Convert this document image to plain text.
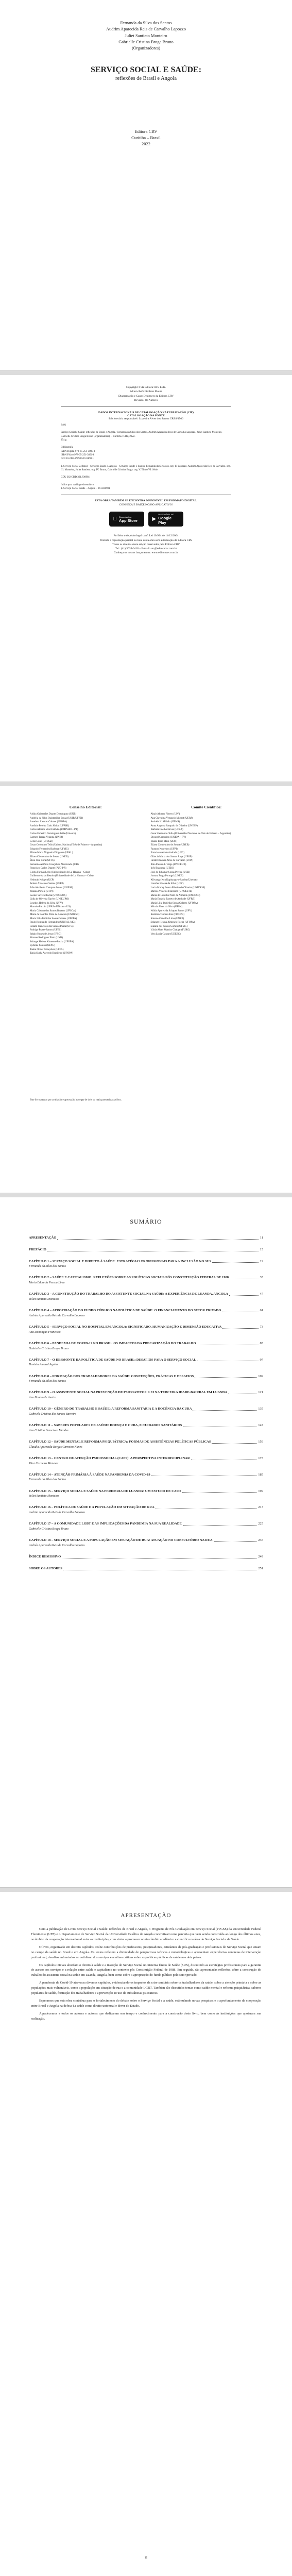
Fernanda da Silva dos Santos
Audrim Aparecida Reis de Carvalho Lapozzo
Juliet Santieto Monteiro
Gabrielle Cristina Braga Bruno
(Organizadores)
SERVIÇO SOCIAL E SAÚDE:
reflexões de Brasil e Angola
Editora CRV
Curitiba – Brasil
2022
Copyright © da Editora CRV Ltda.
Editor-chefe: Railson Moura
Diagramação e Capa: Designers da Editora CRV
Revisão: Os Autores
DADOS INTERNACIONAIS DE CATALOGAÇÃO NA PUBLICAÇÃO (CIP)
CATALOGAÇÃO NA FONTE
Bibliotecária responsável: Luzenira Alves dos Santos CRB9/1506
S491

Serviço Social e Saúde: reflexões de Brasil e Angola / Fernanda da Silva dos Santos, Audrim Aparecida Reis de Carvalho Lapozzo, Juliet Santieto Monteiro, Gabrielle Cristina Braga Bruno (organizadoras). – Curitiba : CRV, 2022.
254 p.

Bibliografia
ISBN Digital 978-65-251-3890-1
ISBN Físico 978-65-251-3891-8
DOI 10.24824/978652513890.1

1. Serviço Social 2. Brasil – Serviços Saúde 3. Angola – Serviços Saúde I. Santos, Fernanda da Silva dos. org. II. Lapozzo, Audrim Aparecida Reis de Carvalho. org. III. Monteiro, Juliet Santieto. org. IV. Bruno, Gabrielle Cristina Braga. org. V. Título VI. Série.

CDU 362 CDD 361.830981

Índice para catálogo sistemático
1. Serviço Social Saúde – Angola – 361.830981
ESTA OBRA TAMBÉM SE ENCONTRA DISPONÍVEL EM FORMATO DIGITAL.
CONHEÇA E BAIXE NOSSO APLICATIVO!
Disponível na
App Store	▶
DISPONÍVEL NO
Google Play
Foi feito o depósito legal conf. Lei 10.994 de 14/12/2004
Proibida a reprodução parcial ou total desta obra sem autorização da Editora CRV
Todos os direitos desta edição reservados pela Editora CRV
Tel.: (41) 3039-6418 – E-mail: sac@editoracrv.com.br
Conheça os nossos lançamentos: www.editoracrv.com.br
Conselho Editorial:

Aldira Guimarães Duarte Domínguez (UNB)
Andréia da Silva Quintanilha Sousa (UNIR/UFRN)
Anselmo Alencar Colares (UFOPA)
Antônio Pereira Gaio Júnior (UFRRJ)
Carlos Alberto Vilar Estêvão (UMINHO – PT)
Carlos Federico Dominguez Avila (Unieuro)
Carmen Tereza Velanga (UNIR)
Celso Conti (UFSCar)
Cesar Gerónimo Tello (Univer. Nacional Três de Febrero – Argentina)
Eduardo Fernandes Barbosa (UFMG)
Elione Maria Nogueira Diogenes (UFAL)
Elizeu Clementino de Souza (UNEB)
Élsio José Corá (UFFS)
Fernando Antônio Gonçalves Alcoforado (IPB)
Francisco Carlos Duarte (PUC-PR)
Gloria Fariñas León (Universidade de La Havana – Cuba)
Guillermo Arias Beatón (Universidade de La Havana – Cuba)
Helmuth Krüger (UCP)
Jailson Alves dos Santos (UFRJ)
João Adalberto Campato Junior (UNESP)
Josania Portela (UFPI)
Leonel Severo Rocha (UNISINOS)
Lídia de Oliveira Xavier (UNIEURO)
Lourdes Helena da Silva (UFV)
Marcelo Paixão (UFRJ e UTexas – US)
Maria Cristina dos Santos Bezerra (UFSCar)
Maria de Lourdes Pinto de Almeida (UNOESC)
Maria Lília Imbiriba Sousa Colares (UFOPA)
Paulo Romualdo Hernandes (UNIFAL-MG)
Renato Francisco dos Santos Paula (UFG)
Rodrigo Pratte-Santos (UFES)
Sérgio Nunes de Jesus (IFRO)
Simone Rodrigues Pinto (UNB)
Solange Helena Ximenes-Rocha (UFOPA)
Sydione Santos (UEPG)
Tadeu Oliver Gonçalves (UFPA)
Tania Suely Azevedo Brasileiro (UFOPA)

Comitê Científico:

Altair Alberto Fávero (UPF)
Ana Chrystina Venancio Mignot (UERJ)
Andréia N. Militão (UEMS)
Anna Augusta Sampaio de Oliveira (UNESP)
Barbara Coelho Neves (UFBA)
Cesar Gerónimo Tello (Universidad Nacional de Três de Febrero – Argentina)
Diosnel Centurion (UNIDA – PY)
Eliane Rose Maio (UEM)
Elizeu Clementino de Souza (UNEB)
Fauston Negreiros (UFPI)
Francisco Ari de Andrade (UFC)
Gláucia Maria dos Santos Jorge (UFOP)
Helder Buenos Aires de Carvalho (UFPI)
Ilma Passos A. Veiga (UNICEUB)
Inês Bragança (UERJ)
José de Ribamar Sousa Pereira (UCB)
Jussara Fraga Portugal (UNEB)
Kilwangy Kya Kapitango-a-Samba (Unemat)
Lourdes Helena da Silva (UFV)
Lucia Marisy Souza Ribeiro de Oliveira (UNIVASF)
Marcos Vinicius Francisco (UNOESTE)
Maria de Lourdes Pinto de Almeida (UNOESC)
Maria Eurácia Barreto de Andrade (UFRB)
Maria Lília Imbiriba Sousa Colares (UFOPA)
Márcia Alves da Silva (UFPel)
Núbia Aparecida Schaper Santos (UFV)
Romilda Teodora Ens (PUC-PR)
Simone Carvalho Lima (UNEB)
Solange Helena Ximenes-Rocha (UFOPA)
Suzana dos Santos Gomes (UFMG)
Vânia Alves Martins Chaigar (FURG)
Vera Lucia Gaspar (UDESC)

Este livro passou por avaliação e aprovação às cegas de dois ou mais pareceristas ad hoc.
SUMÁRIO
APRESENTAÇÃO	11
PREFÁCIO	15
CAPÍTULO 1 – SERVIÇO SOCIAL E DIREITO À SAÚDE: ESTRATÉGIAS PROFISSIONAIS PARA A INCLUSÃO NO SUS	19
Fernanda da Silva dos Santos
CAPÍTULO 2 – SAÚDE E CAPITALISMO: REFLEXÕES SOBRE AS POLÍTICAS SOCIAIS PÓS CONSTITUIÇÃO FEDERAL DE 1988	35
Maria Eduarda Pessoa Lima
CAPÍTULO 3 – A CONSTRUÇÃO DO TRABALHO DO ASSISTENTE SOCIAL NA SAÚDE: A EXPERIÊNCIA DE LUANDA, ANGOLA	47
Juliet Santieto Monteiro
CAPÍTULO 4 – APROPRIAÇÃO DO FUNDO PÚBLICO NA POLÍTICA DE SAÚDE: O FINANCIAMENTO DO SETOR PRIVADO	61
Andréa Aparecida Reis de Carvalho Lapozzo
CAPÍTULO 5 – SERVIÇO SOCIAL NO HOSPITAL EM ANGOLA: SIGNIFICADO, HUMANIZAÇÃO E DIMENSÃO EDUCATIVA	73
Ana Domingas Francisco
CAPÍTULO 6 – PANDEMIA DE COVID-19 NO BRASIL: OS IMPACTOS DA PRECARIZAÇÃO DO TRABALHO	85
Gabrielle Cristina Braga Bruno
CAPÍTULO 7 – O DESMONTE DA POLÍTICA DE SAÚDE NO BRASIL: DESAFIOS PARA O SERVIÇO SOCIAL	97
Daniela Amaral Aguiar
CAPÍTULO 8 – FORMAÇÃO DOS TRABALHADORES DA SAÚDE: CONCEPÇÕES, PRÁTICAS E DESAFIOS	109
Fernanda da Silva dos Santos
CAPÍTULO 9 – O ASSISTENTE SOCIAL NA PREVENÇÃO DE PSICOATIVOS: LEI NA TERCEIRA IDADE-BAIRRAL EM LUANDA	121
Ana Nambuele Ausiro
CAPÍTULO 10 – GÊNERO DO TRABALHO E SAÚDE: A REFORMA SANITÁRIA E A DOCÊNCIA DA CURA	135
Gabriela Cristina dos Santos Barreiro
CAPÍTULO 11 – SABERES POPULARES DE SAÚDE: DOENÇA E CURA, E CUIDADOS SANITÁRIOS	147
Ana Cristina Francisco Mendes
CAPÍTULO 12 – SAÚDE MENTAL E REFORMA PSIQUIÁTRICA: FORMAS DE ASSISTÊNCIAS POLÍTICAS PÚBLICAS	159
Claudia Aparecida Borges Carneiro Nunes
CAPÍTULO 13 – CENTRO DE ATENÇÃO PSICOSSOCIAL (CAPS): A PERSPECTIVA INTERDISCIPLINAR	173
Vitor Carneiro Meneses
CAPÍTULO 14 – ATENÇÃO PRIMÁRIA À SAÚDE NA PANDEMIA DA COVID-19	185
Fernanda da Silva dos Santos
CAPÍTULO 15 – SERVIÇO SOCIAL E SAÚDE NA PERIFERIA DE LUANDA: UM ESTUDO DE CASO	199
Juliet Santieto Monteiro
CAPÍTULO 16 – POLÍTICA DE SAÚDE E A POPULAÇÃO EM SITUAÇÃO DE RUA	213
Audrim Aparecida Reis de Carvalho Lapozzo
CAPÍTULO 17 – A COMUNIDADE LGBT E AS IMPLICAÇÕES DA PANDEMIA NA SUA REALIDADE	225
Gabrielle Cristina Braga Bruno
CAPÍTULO 18 – SERVIÇO SOCIAL E A POPULAÇÃO EM SITUAÇÃO DE RUA: ATUAÇÃO NO CONSULTÓRIO NA RUA	237
Andréa Aparecida Reis de Carvalho Lapozzo
ÍNDICE REMISSIVO	249
SOBRE OS AUTORES	251
APRESENTAÇÃO

Com a publicação de Livro Serviço Social e Saúde: reflexões de Brasil e Angola, o Programa de Pós-Graduação em Serviço Social (PPGSS) da Universidade Federal Fluminense (UFF) e o Departamento de Serviço Social da Universidade Católica de Angola concretizam uma parceria que vem sendo construída ao longo dos últimos anos, no âmbito da cooperação internacional entre as instituições, com vistas a promover o intercâmbio acadêmico e científico na área do Serviço Social e da Saúde.

O livro, organizado em dezoito capítulos, reúne contribuições de professores, pesquisadores, estudantes de pós-graduação e profissionais do Serviço Social que atuam no campo da saúde no Brasil e em Angola. Os textos refletem a diversidade de perspectivas teóricas e metodológicas e apresentam experiências concretas de intervenção profissional, desafios enfrentados no cotidiano dos serviços e análises críticas sobre as políticas públicas de saúde nos dois países.

Os capítulos iniciais abordam o direito à saúde e a inserção do Serviço Social no Sistema Único de Saúde (SUS), discutindo as estratégias profissionais para a garantia de acesso aos serviços e a relação entre saúde e capitalismo no contexto pós Constituição Federal de 1988. Em seguida, são apresentadas reflexões sobre a construção do trabalho do assistente social na saúde em Luanda, Angola, bem como sobre a apropriação do fundo público pelo setor privado.

A pandemia de Covid-19 atravessa diversos capítulos, evidenciando os impactos da crise sanitária sobre os trabalhadores da saúde, sobre a atenção primária e sobre as populações mais vulneráveis, como a população em situação de rua e a comunidade LGBT. Também são discutidos temas como saúde mental e reforma psiquiátrica, saberes populares de saúde, formação dos trabalhadores e a prevenção ao uso de substâncias psicoativas.

Esperamos que esta obra contribua para o fortalecimento do debate sobre o Serviço Social e a saúde, estimulando novas pesquisas e o aprofundamento da cooperação entre Brasil e Angola na defesa da saúde como direito universal e dever do Estado.

Agradecemos a todos os autores e autoras que dedicaram seu tempo e conhecimento para a construção deste livro, bem como às instituições que apoiaram sua realização.

11
